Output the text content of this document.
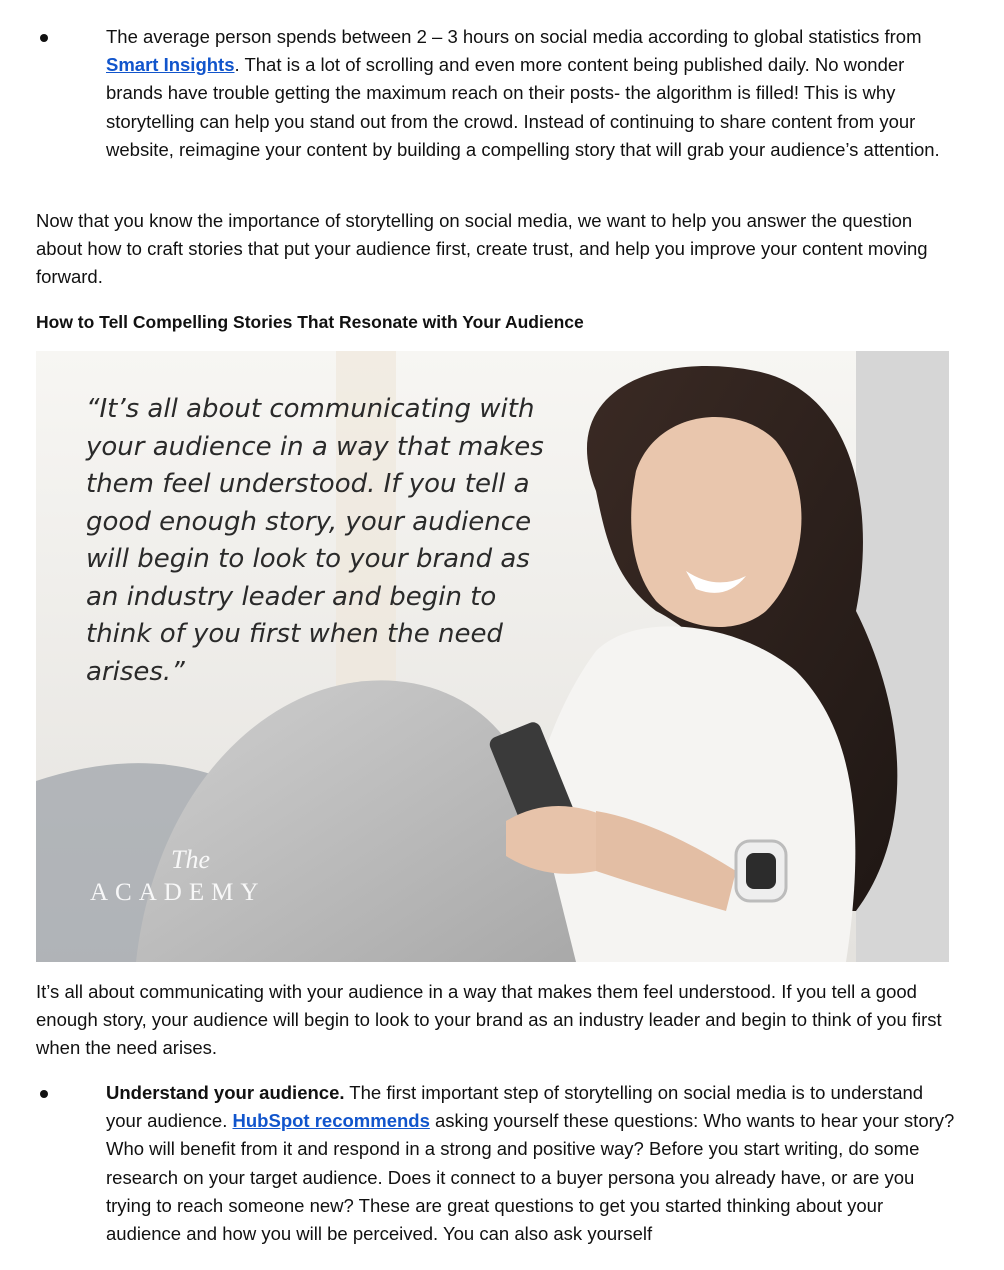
The average person spends between 2 – 3 hours on social media according to global statistics from Smart Insights. That is a lot of scrolling and even more content being published daily. No wonder brands have trouble getting the maximum reach on their posts- the algorithm is filled! This is why storytelling can help you stand out from the crowd. Instead of continuing to share content from your website, reimagine your content by building a compelling story that will grab your audience’s attention.
Now that you know the importance of storytelling on social media, we want to help you answer the question about how to craft stories that put your audience first, create trust, and help you improve your content moving forward.
How to Tell Compelling Stories That Resonate with Your Audience
“It’s all about communicating with your audience in a way that makes them feel understood. If you tell a good enough story, your audience will begin to look to your brand as an industry leader and begin to think of you first when the need arises.”
The
ACADEMY
It’s all about communicating with your audience in a way that makes them feel understood. If you tell a good enough story, your audience will begin to look to your brand as an industry leader and begin to think of you first when the need arises.
Understand your audience. The first important step of storytelling on social media is to understand your audience. HubSpot recommends asking yourself these questions: Who wants to hear your story? Who will benefit from it and respond in a strong and positive way? Before you start writing, do some research on your target audience. Does it connect to a buyer persona you already have, or are you trying to reach someone new? These are great questions to get you started thinking about your audience and how you will be perceived. You can also ask yourself
